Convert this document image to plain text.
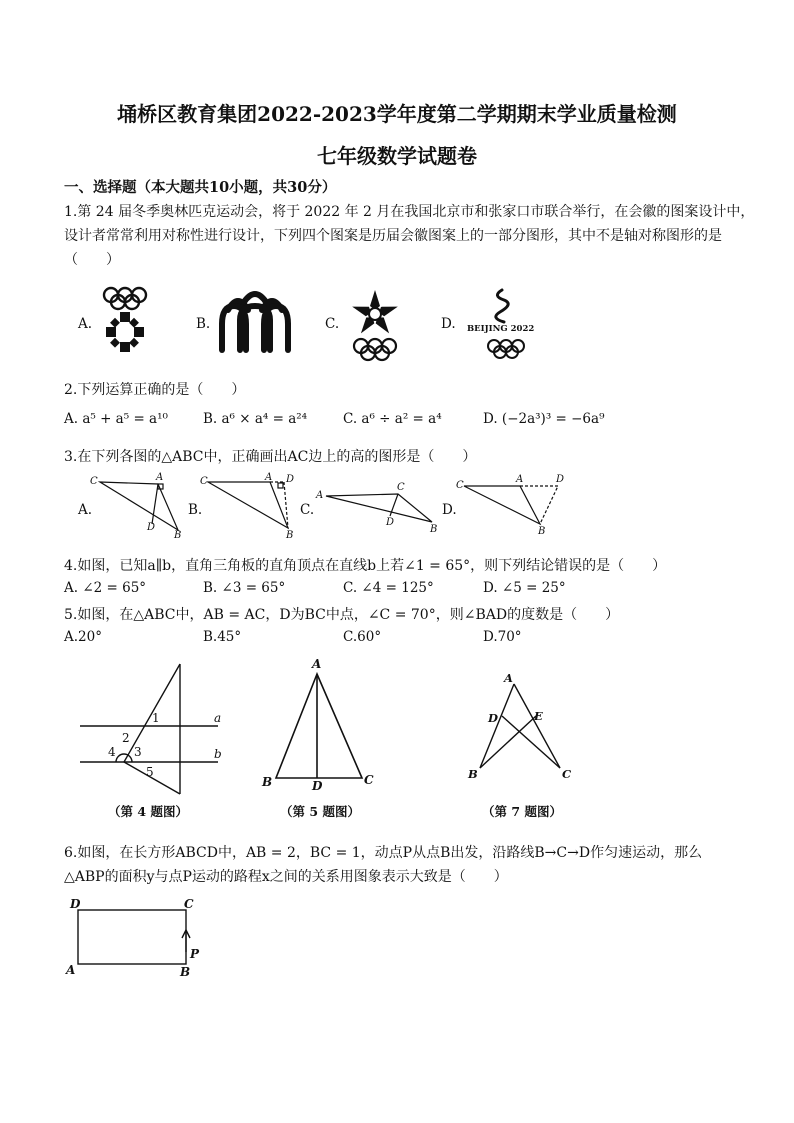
埇桥区教育集团2022-2023学年度第二学期期末学业质量检测
七年级数学试题卷
一、选择题（本大题共10小题，共30分）
1.第 24 届冬季奥林匹克运动会，将于 2022 年 2 月在我国北京市和张家口市联合举行，在会徽的图案设计中，
设计者常常利用对称性进行设计，下列四个图案是历届会徽图案上的一部分图形，其中不是轴对称图形的是
（　　）
A.	B.	C.	D. BEIJING 2022
2.下列运算正确的是（　　）
A. a⁵ + a⁵ = a¹⁰	B. a⁶ × a⁴ = a²⁴	C. a⁶ ÷ a² = a⁴	D. (−2a³)³ = −6a⁹
3.在下列各图的△ABC中，正确画出AC边上的高的图形是（　　）
A.	B.	C.	D.
C	A
D
B
C	A D
B
A
C
D
B
C
A	D
B
4.如图，已知a∥b，直角三角板的直角顶点在直线b上若∠1 = 65°，则下列结论错误的是（　　）
A. ∠2 = 65°	B. ∠3 = 65°	C. ∠4 = 125°	D. ∠5 = 25°
5.如图，在△ABC中，AB = AC，D为BC中点，∠C = 70°，则∠BAD的度数是（　　）
A.20°	B.45°	C.60°	D.70°
1
2
3
4
5
a
b
（第 4 题图）
A
B	D	C
（第 5 题图）
A
D	E
B	C
（第 7 题图）
6.如图，在长方形ABCD中，AB = 2，BC = 1，动点P从点B出发，沿路线B→C→D作匀速运动，那么
△ABP的面积y与点P运动的路程x之间的关系用图象表示大致是（　　）
D	C
A	B
P
